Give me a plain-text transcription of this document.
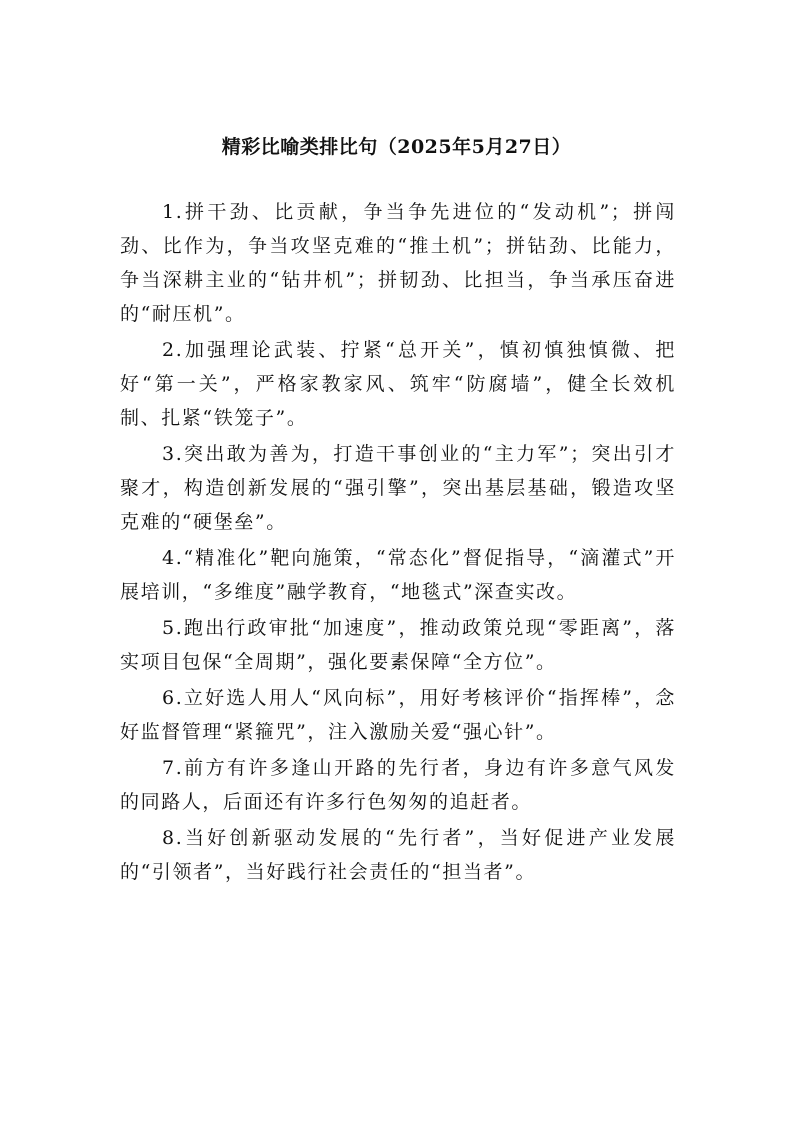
精彩比喻类排比句（2025年5月27日）

1.拼干劲、比贡献，争当争先进位的“发动机”；拼闯劲、比作为，争当攻坚克难的“推土机”；拼钻劲、比能力，争当深耕主业的“钻井机”；拼韧劲、比担当，争当承压奋进的“耐压机”。

2.加强理论武装、拧紧“总开关”，慎初慎独慎微、把好“第一关”，严格家教家风、筑牢“防腐墙”，健全长效机制、扎紧“铁笼子”。

3.突出敢为善为，打造干事创业的“主力军”；突出引才聚才，构造创新发展的“强引擎”，突出基层基础，锻造攻坚克难的“硬堡垒”。

4.“精准化”靶向施策，“常态化”督促指导，“滴灌式”开展培训，“多维度”融学教育，“地毯式”深查实改。

5.跑出行政审批“加速度”，推动政策兑现“零距离”，落实项目包保“全周期”，强化要素保障“全方位”。

6.立好选人用人“风向标”，用好考核评价“指挥棒”，念好监督管理“紧箍咒”，注入激励关爱“强心针”。

7.前方有许多逢山开路的先行者，身边有许多意气风发的同路人，后面还有许多行色匆匆的追赶者。

8.当好创新驱动发展的“先行者”，当好促进产业发展的“引领者”，当好践行社会责任的“担当者”。
